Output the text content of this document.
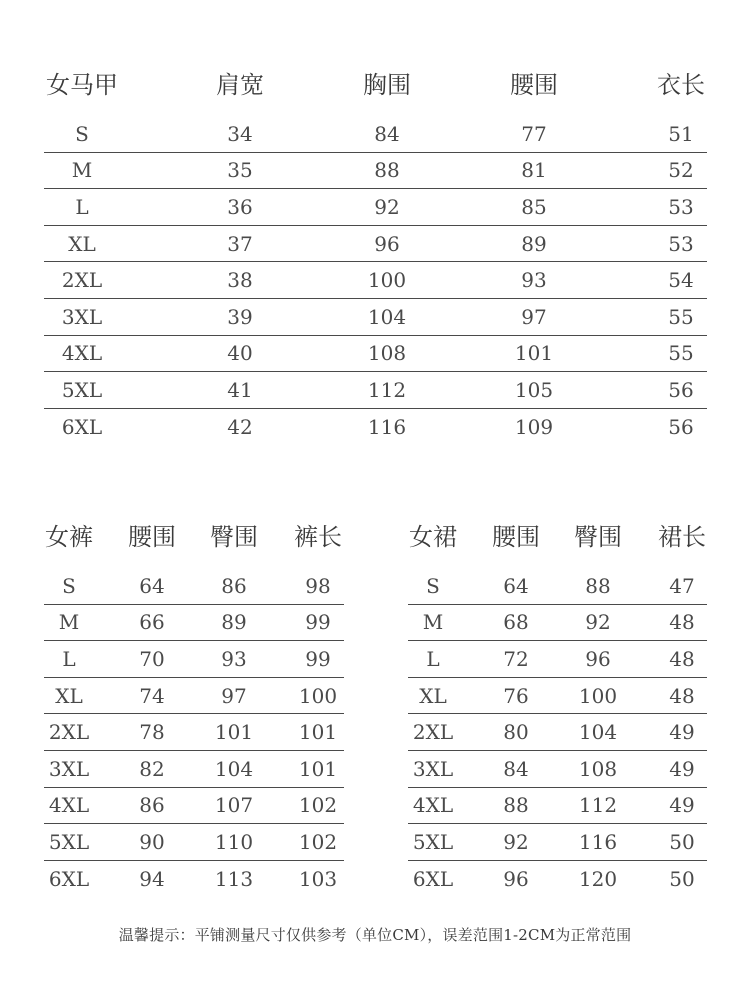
女马甲	肩宽	胸围	腰围	衣长
S	34	84	77	51
M	35	88	81	52
L	36	92	85	53
XL	37	96	89	53
2XL	38	100	93	54
3XL	39	104	97	55
4XL	40	108	101	55
5XL	41	112	105	56
6XL	42	116	109	56
女裤 腰围 臀围 裤长
S	64	86	98
M	66	89	99
L	70	93	99
XL	74	97	100
2XL	78	101 101
3XL	82	104 101
4XL	86	107 102
5XL	90	110 102
6XL	94	113 103
女裙 腰围 臀围 裙长
S	64	88	47
M	68	92	48
L	72	96	48
XL	76	100	48
2XL	80	104	49
3XL	84	108	49
4XL	88	112	49
5XL	92	116	50
6XL	96	120	50
温馨提示：平铺测量尺寸仅供参考（单位CM），误差范围1-2CM为正常范围
